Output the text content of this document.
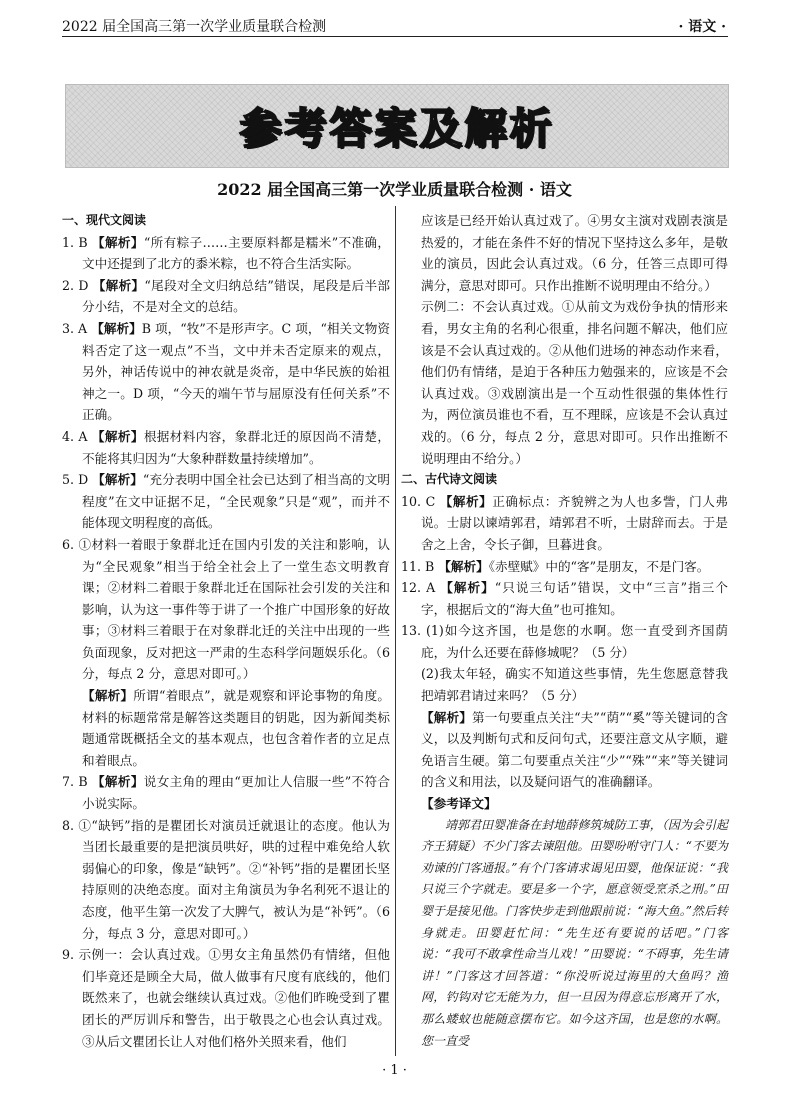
2022 届全国高三第一次学业质量联合检测	· 语文 ·
参考答案及解析
2022 届全国高三第一次学业质量联合检测 · 语文

一、现代文阅读

1. B 【解析】“所有粽子……主要原料都是糯米”不准确，文中还提到了北方的黍米粽，也不符合生活实际。

2. D 【解析】“尾段对全文归纳总结”错误，尾段是后半部分小结，不是对全文的总结。

3. A 【解析】B 项，“牧”不是形声字。C 项，“相关文物资料否定了这一观点”不当，文中并未否定原来的观点，另外，神话传说中的神农就是炎帝，是中华民族的始祖神之一。D 项，“今天的端午节与屈原没有任何关系”不正确。

4. A 【解析】根据材料内容，象群北迁的原因尚不清楚，不能将其归因为“大象种群数量持续增加”。

5. D 【解析】“充分表明中国全社会已达到了相当高的文明程度”在文中证据不足，“全民观象”只是“观”，而并不能体现文明程度的高低。

6. ①材料一着眼于象群北迁在国内引发的关注和影响，认为“全民观象”相当于给全社会上了一堂生态文明教育课；②材料二着眼于象群北迁在国际社会引发的关注和影响，认为这一事件等于讲了一个推广中国形象的好故事；③材料三着眼于在对象群北迁的关注中出现的一些负面现象，反对把这一严肃的生态科学问题娱乐化。（6 分，每点 2 分，意思对即可。）

【解析】所谓“着眼点”，就是观察和评论事物的角度。材料的标题常常是解答这类题目的钥匙，因为新闻类标题通常既概括全文的基本观点，也包含着作者的立足点和着眼点。

7. B 【解析】说女主角的理由“更加让人信服一些”不符合小说实际。

8. ①“缺钙”指的是瞿团长对演员迁就退让的态度。他认为当团长最重要的是把演员哄好，哄的过程中难免给人软弱偏心的印象，像是“缺钙”。②“补钙”指的是瞿团长坚持原则的决绝态度。面对主角演员为争名利死不退让的态度，他平生第一次发了大脾气，被认为是“补钙”。（6 分，每点 3 分，意思对即可。）

9. 示例一：会认真过戏。①男女主角虽然仍有情绪，但他们毕竟还是顾全大局，做人做事有尺度有底线的，他们既然来了，也就会继续认真过戏。②他们昨晚受到了瞿团长的严厉训斥和警告，出于敬畏之心也会认真过戏。③从后文瞿团长让人对他们格外关照来看，他们

应该是已经开始认真过戏了。④男女主演对戏剧表演是热爱的，才能在条件不好的情况下坚持这么多年，是敬业的演员，因此会认真过戏。（6 分，任答三点即可得满分，意思对即可。只作出推断不说明理由不给分。）

示例二：不会认真过戏。①从前文为戏份争执的情形来看，男女主角的名利心很重，排名问题不解决，他们应该是不会认真过戏的。②从他们进场的神态动作来看，他们仍有情绪，是迫于各种压力勉强来的，应该是不会认真过戏。③戏剧演出是一个互动性很强的集体性行为，两位演员谁也不看，互不理睬，应该是不会认真过戏的。（6 分，每点 2 分，意思对即可。只作出推断不说明理由不给分。）

二、古代诗文阅读

10. C 【解析】正确标点：齐貌辨之为人也多訾，门人弗说。士尉以谏靖郭君，靖郭君不听，士尉辞而去。于是舍之上舍，令长子御，旦暮进食。

11. B 【解析】《赤壁赋》中的“客”是朋友，不是门客。

12. A 【解析】“只说三句话”错误，文中“三言”指三个字，根据后文的“海大鱼”也可推知。

13. (1)如今这齐国，也是您的水啊。您一直受到齐国荫庇，为什么还要在薛修城呢？（5 分）

(2)我太年轻，确实不知道这些事情，先生您愿意替我把靖郭君请过来吗？（5 分）

【解析】第一句要重点关注“夫”“荫”“奚”等关键词的含义，以及判断句式和反问句式，还要注意文从字顺，避免语言生硬。第二句要重点关注“少”“殊”“来”等关键词的含义和用法，以及疑问语气的准确翻译。

【参考译文】

靖郭君田婴准备在封地薛修筑城防工事，（因为会引起齐王猜疑）不少门客去谏阻他。田婴吩咐守门人：“不要为劝谏的门客通报。”有个门客请求谒见田婴，他保证说：“我只说三个字就走。要是多一个字，愿意领受烹杀之刑。”田婴于是接见他。门客快步走到他跟前说：“海大鱼。”然后转身就走。田婴赶忙问：“先生还有要说的话吧。”门客说：“我可不敢拿性命当儿戏！”田婴说：“不碍事，先生请讲！”门客这才回答道：“你没听说过海里的大鱼吗？渔网，钓钩对它无能为力，但一旦因为得意忘形离开了水，那么蝼蚁也能随意摆布它。如今这齐国，也是您的水啊。您一直受

· 1 ·
